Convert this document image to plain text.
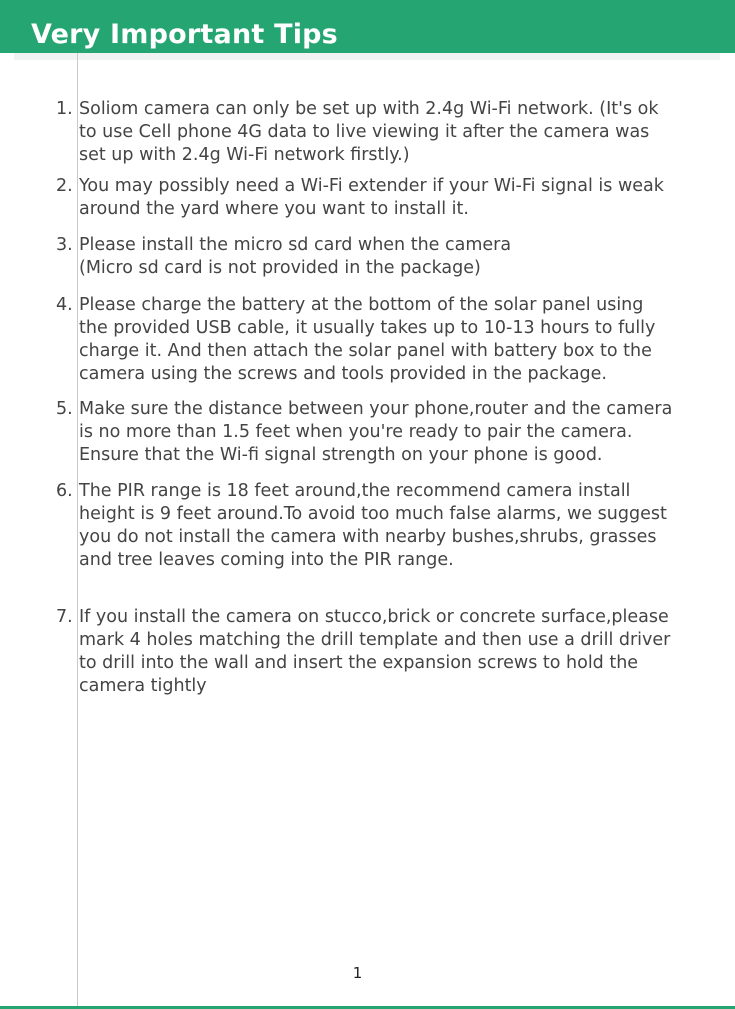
Very Important Tips
1. Soliom camera can only be set up with 2.4g Wi-Fi network. (It's ok
to use Cell phone 4G data to live viewing it after the camera was
set up with 2.4g Wi-Fi network firstly.)

2. You may possibly need a Wi-Fi extender if your Wi-Fi signal is weak
around the yard where you want to install it.

3. Please install the micro sd card when the camera
(Micro sd card is not provided in the package)

4. Please charge the battery at the bottom of the solar panel using
the provided USB cable, it usually takes up to 10-13 hours to fully
charge it. And then attach the solar panel with battery box to the
camera using the screws and tools provided in the package.

5. Make sure the distance between your phone,router and the camera
is no more than 1.5 feet when you're ready to pair the camera.
Ensure that the Wi-fi signal strength on your phone is good.

6. The PIR range is 18 feet around,the recommend camera install
height is 9 feet around.To avoid too much false alarms, we suggest
you do not install the camera with nearby bushes,shrubs, grasses
and tree leaves coming into the PIR range.

7. If you install the camera on stucco,brick or concrete surface,please
mark 4 holes matching the drill template and then use a drill driver
to drill into the wall and insert the expansion screws to hold the
camera tightly

1
